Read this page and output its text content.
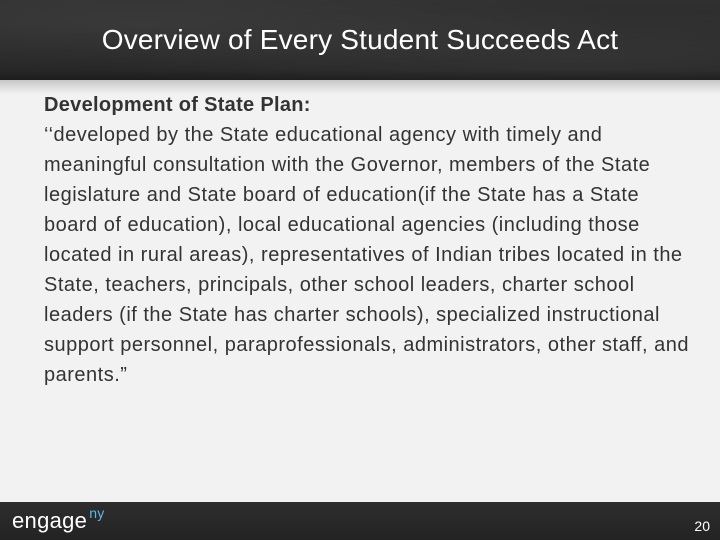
Overview of Every Student Succeeds Act
Development of State Plan:
‘‘developed by the State educational agency with timely and meaningful consultation with the Governor, members of the State legislature and State board of education(if the State has a State board of education), local educational agencies (including those located in rural areas), representatives of Indian tribes located in the State, teachers, principals, other school leaders, charter school leaders (if the State has charter schools), specialized instructional support personnel, paraprofessionals, administrators, other staff, and parents.”
engage $^{ny}$
20
